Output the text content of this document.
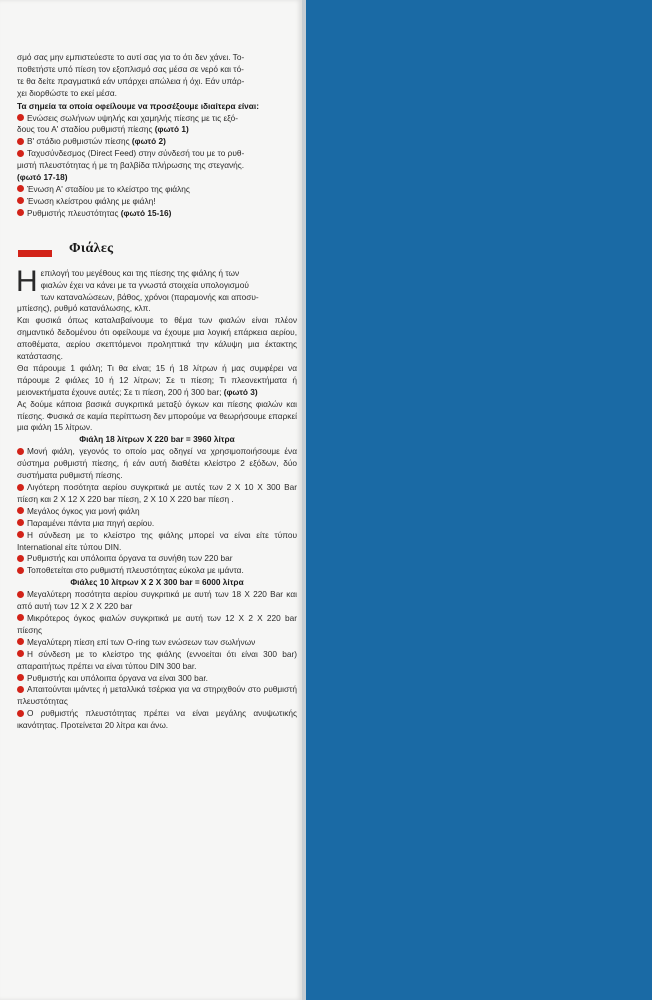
σμό σας μην εμπιστεύεστε το αυτί σας για το ότι δεν χάνει. Το-
ποθετήστε υπό πίεση τον εξοπλισμό σας μέσα σε νερό και τό-
τε θα δείτε πραγματικά εάν υπάρχει απώλεια ή όχι. Εάν υπάρ-
χει διορθώστε το εκεί μέσα.

Τα σημεία τα οποία οφείλουμε να προσέξουμε ιδιαίτερα είναι:

Ενώσεις σωλήνων υψηλής και χαμηλής πίεσης με τις εξό-
δους του Α' σταδίου ρυθμιστή πίεσης (φωτό 1)

Β' στάδιο ρυθμιστών πίεσης (φωτό 2)

Ταχυσύνδεσμος (Direct Feed) στην σύνδεσή του με το ρυθ-
μιστή πλευστότητας ή με τη βαλβίδα πλήρωσης της στεγανής.
(φωτό 17-18)

Ένωση Α' σταδίου με το κλείστρο της φιάλης

Ένωση κλείστρου φιάλης με φιάλη!

Ρυθμιστής πλευστότητας (φωτό 15-16)

Φιάλες

Η επιλογή του μεγέθους και της πίεσης της φιάλης ή των
φιαλών έχει να κάνει με τα γνωστά στοιχεία υπολογισμού
των καταναλώσεων, βάθος, χρόνοι (παραμονής και αποσυ-
μπίεσης), ρυθμό κατανάλωσης, κλπ.

Και φυσικά όπως καταλαβαίνουμε το θέμα των φιαλών είναι πλέον σημαντικό δεδομένου ότι οφείλουμε να έχουμε μια λογική επάρκεια αερίου, αποθέματα, αερίου σκεπτόμενοι προληπτικά την κάλυψη μια έκτακτης κατάστασης.

Θα πάρουμε 1 φιάλη; Τι θα είναι; 15 ή 18 λίτρων ή μας συμφέρει να πάρουμε 2 φιάλες 10 ή 12 λίτρων; Σε τι πίεση; Τι πλεονεκτήματα ή μειονεκτήματα έχουνε αυτές; Σε τι πίεση, 200 ή 300 bar; (φωτό 3)

Ας δούμε κάποια βασικά συγκριτικά μεταξύ όγκων και πίεσης φιαλών και πίεσης. Φυσικά σε καμία περίπτωση δεν μπορούμε να θεωρήσουμε επαρκεί μια φιάλη 15 λίτρων.

Φιάλη 18 λίτρων X 220 bar = 3960 λίτρα

Μονή φιάλη, γεγονός το οποίο μας οδηγεί να χρησιμοποιήσουμε ένα σύστημα ρυθμιστή πίεσης, ή εάν αυτή διαθέτει κλείστρο 2 εξόδων, δύο συστήματα ρυθμιστή πίεσης.

Λιγότερη ποσότητα αερίου συγκριτικά με αυτές των 2 X 10 X 300 Bar πίεση και 2 X 12 X 220 bar πίεση, 2 X 10 X 220 bar πίεση .

Μεγάλος όγκος για μονή φιάλη

Παραμένει πάντα μια πηγή αερίου.

Η σύνδεση με το κλείστρο της φιάλης μπορεί να είναι είτε τύπου International είτε τύπου DIN.

Ρυθμιστής και υπόλοιπα όργανα τα συνήθη των 220 bar

Τοποθετείται στο ρυθμιστή πλευστότητας εύκολα με ιμάντα.

Φιάλες 10 λίτρων X 2 X 300 bar = 6000 λίτρα

Μεγαλύτερη ποσότητα αερίου συγκριτικά με αυτή των 18 X 220 Bar και από αυτή των 12 X 2 X 220 bar

Μικρότερος όγκος φιαλών συγκριτικά με αυτή των 12 X 2 X 220 bar πίεσης

Μεγαλύτερη πίεση επί των O-ring των ενώσεων των σωλήνων

Η σύνδεση με το κλείστρο της φιάλης (εννοείται ότι είναι 300 bar) απαραιτήτως πρέπει να είναι τύπου DIN 300 bar.

Ρυθμιστής και υπόλοιπα όργανα να είναι 300 bar.

Απαιτούνται ιμάντες ή μεταλλικά τσέρκια για να στηριχθούν στο ρυθμιστή πλευστότητας

Ο ρυθμιστής πλευστότητας πρέπει να είναι μεγάλης ανυψωτικής ικανότητας. Προτείνεται 20 λίτρα και άνω.
